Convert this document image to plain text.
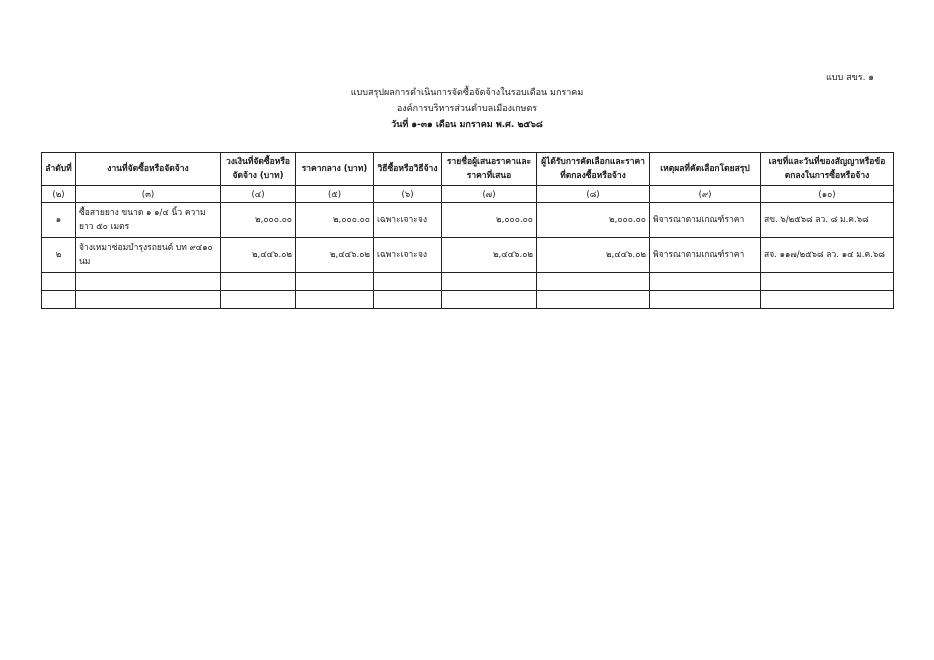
แบบ สขร. ๑
แบบสรุปผลการดำเนินการจัดซื้อจัดจ้างในรอบเดือน มกราคม
องค์การบริหารส่วนตำบลเมืองเกษตร
วันที่ ๑-๓๑ เดือน มกราคม พ.ศ. ๒๕๖๘
ลำดับที่	งานที่จัดซื้อหรือจัดจ้าง	วงเงินที่จัดซื้อหรือจัดจ้าง (บาท)	ราคากลาง (บาท)	วิธีซื้อหรือวิธีจ้าง	รายชื่อผู้เสนอราคาและราคาที่เสนอ	ผู้ได้รับการคัดเลือกและราคาที่ตกลงซื้อหรือจ้าง	เหตุผลที่คัดเลือกโดยสรุป	เลขที่และวันที่ของสัญญาหรือข้อตกลงในการซื้อหรือจ้าง
(๒)	(๓)	(๔)	(๕)	(๖)	(๗)	(๘)	(๙)	(๑๐)
๑	ซื้อสายยาง ขนาด ๑ ๑/๔ นิ้ว ความยาว ๕๐ เมตร	๒,๐๐๐.๐๐	๒,๐๐๐.๐๐	เฉพาะเจาะจง	๒,๐๐๐.๐๐	๒,๐๐๐.๐๐	พิจารณาตามเกณฑ์ราคา	สข. ๖/๒๕๖๘ ลว. ๘ ม.ค.๖๘
๒	จ้างเหมาซ่อมบำรุงรถยนต์ บท ๙๔๑๐ นม	๒,๔๔๖.๐๒	๒,๔๔๖.๐๒	เฉพาะเจาะจง	๒,๔๔๖.๐๒	๒,๔๔๖.๐๒	พิจารณาตามเกณฑ์ราคา	สจ. ๑๑๗/๒๕๖๘ ลว. ๑๔ ม.ค.๖๘
